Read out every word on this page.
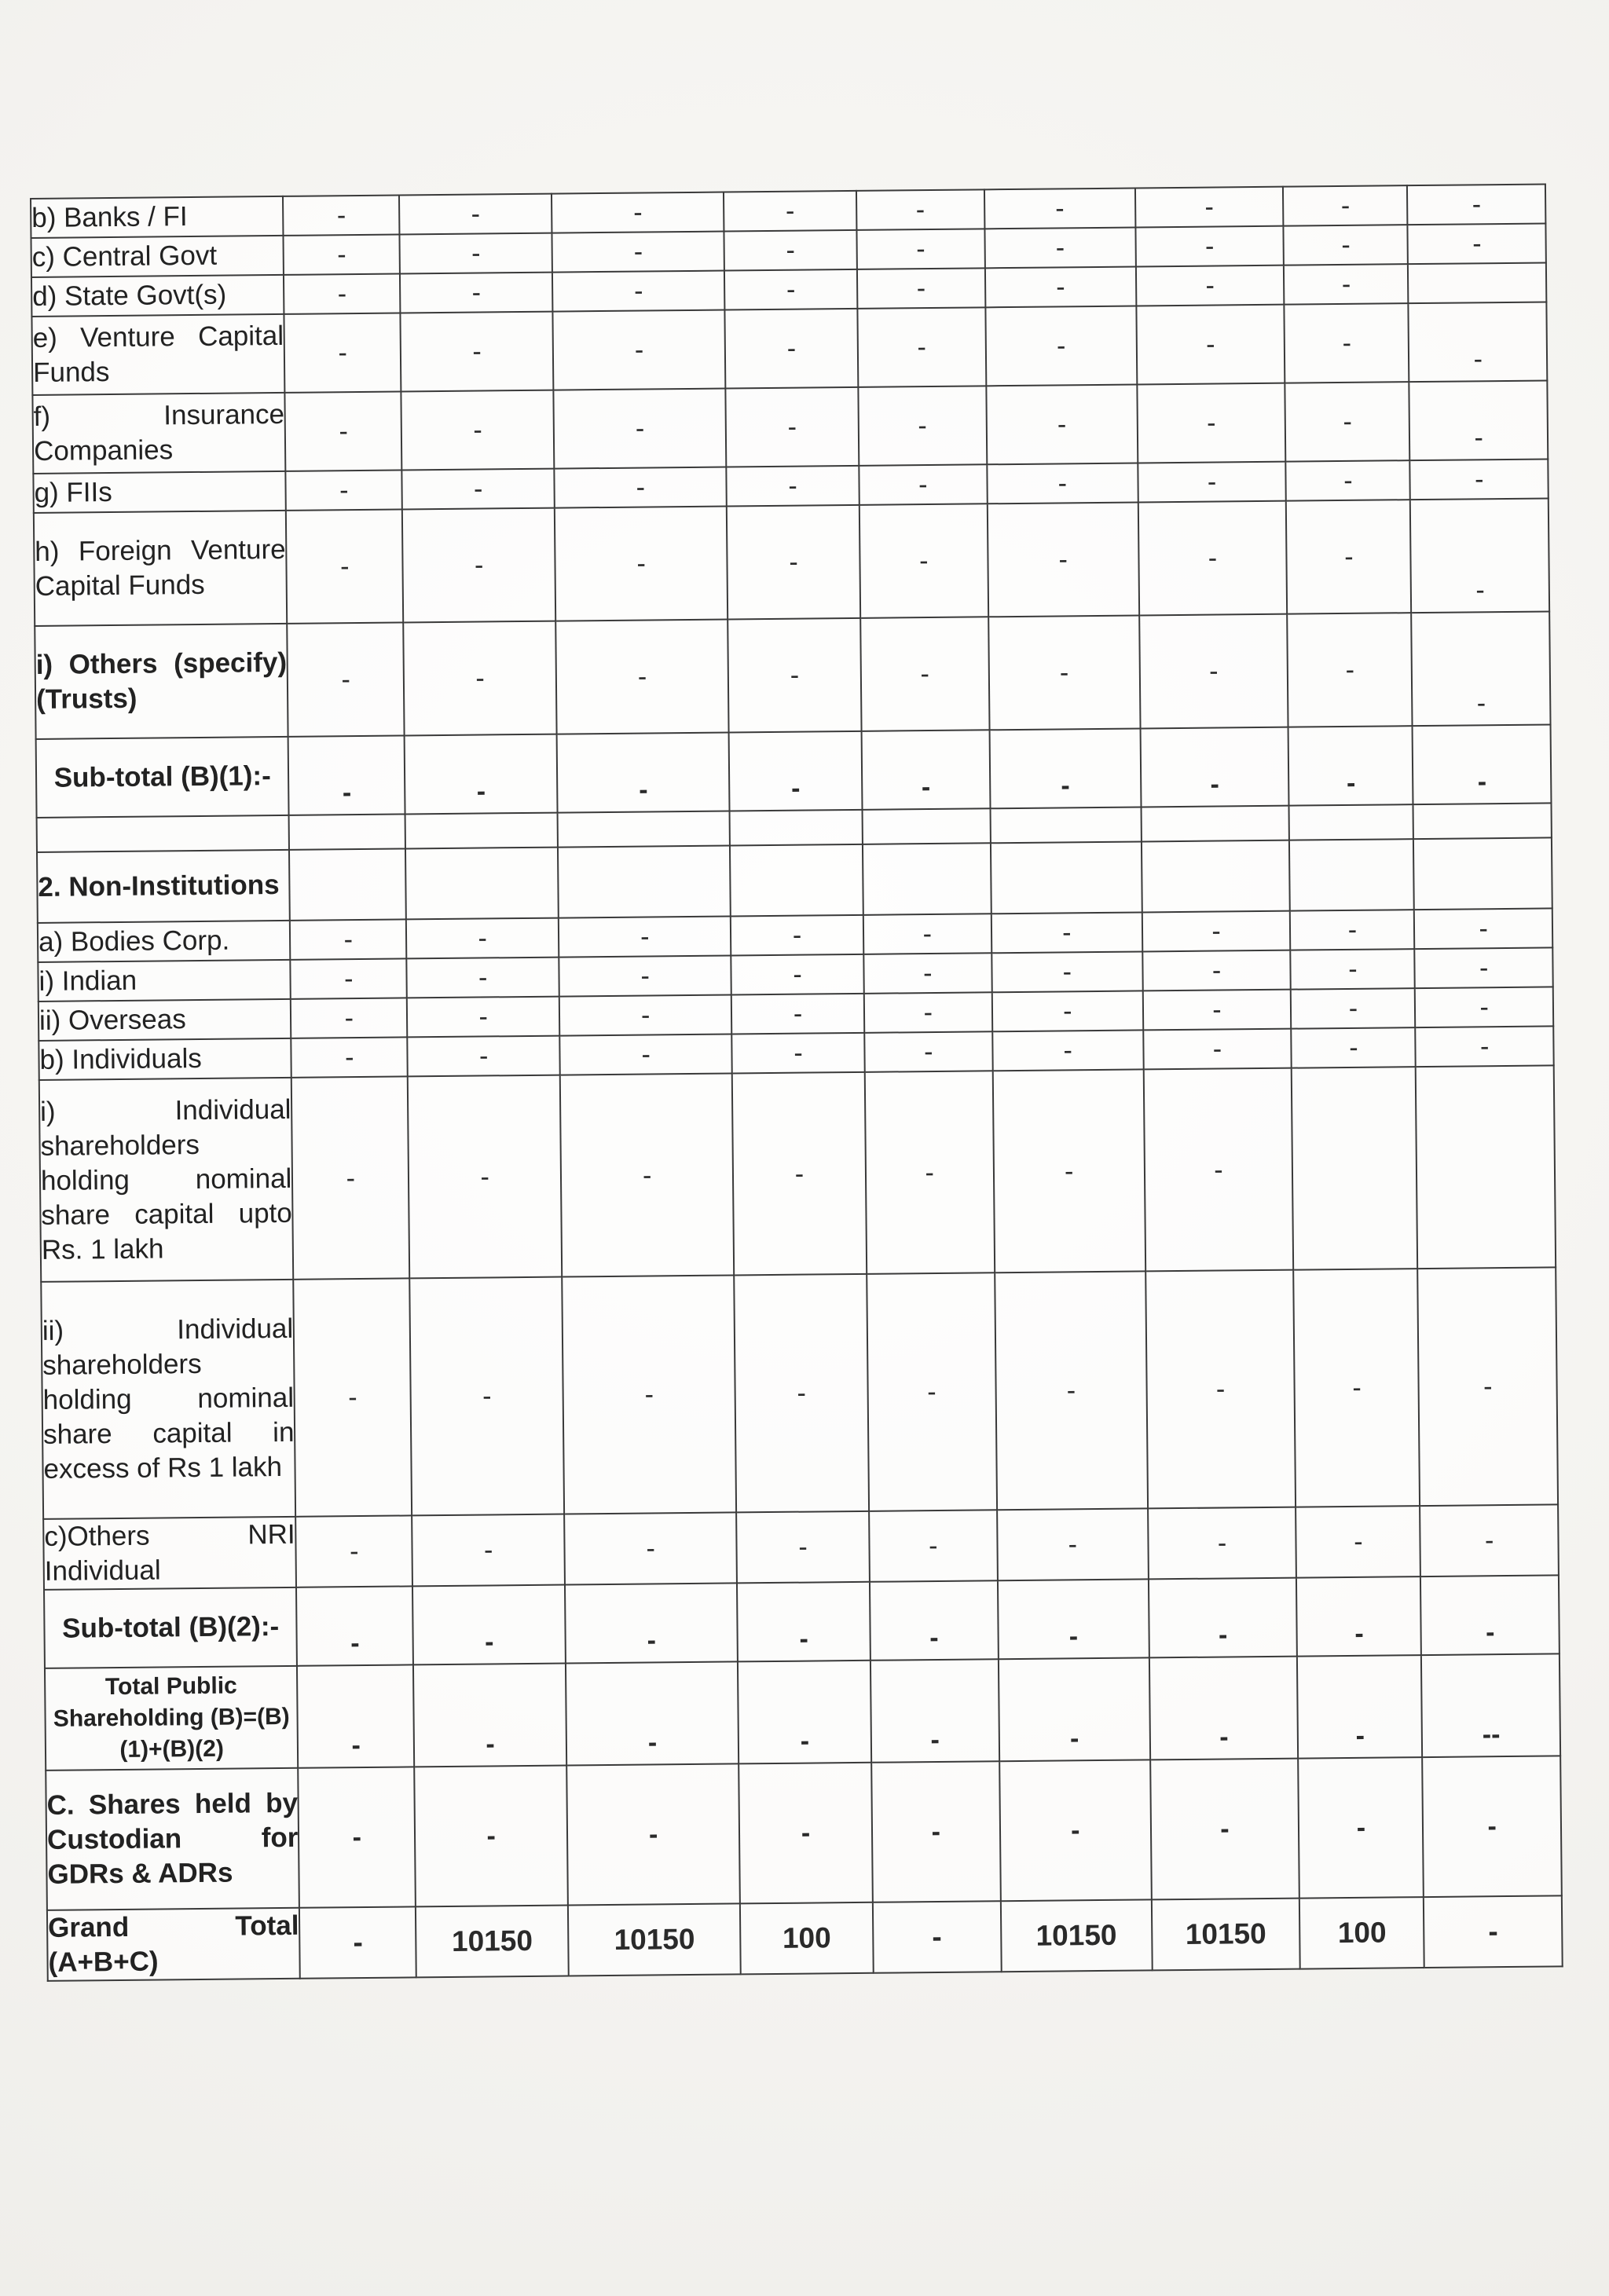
b) Banks / FI	-	-	-	-	-	-	-	-	-
c) Central Govt	-	-	-	-	-	-	-	-	-
d) State Govt(s)	-	-	-	-	-	-	-	-	
e) Venture Capital Funds	-	-	-	-	-	-	-	-	-
f) Insurance Companies	-	-	-	-	-	-	-	-	-
g) FIIs	-	-	-	-	-	-	-	-	-
h) Foreign Venture Capital Funds	-	-	-	-	-	-	-	-	-
i) Others (specify)(Trusts)	-	-	-	-	-	-	-	-	-
Sub-total (B)(1):-	-	-	-	-	-	-	-	-	-

2. Non-Institutions									
a) Bodies Corp.	-	-	-	-	-	-	-	-	-
i) Indian	-	-	-	-	-	-	-	-	-
ii) Overseas	-	-	-	-	-	-	-	-	-
b) Individuals	-	-	-	-	-	-	-	-	-
i) Individual shareholders holding nominal share capital upto Rs. 1 lakh	-	-	-	-	-	-	-		
ii) Individual shareholders holding nominal share capital in excess of Rs 1 lakh	-	-	-	-	-	-	-	-	-
c)Others NRI Individual	-	-	-	-	-	-	-	-	-
Sub-total (B)(2):-	-	-	-	-	-	-	-	-	-
Total Public Shareholding (B)=(B)(1)+(B)(2)	-	-	-	-	-	-	-	-	--
C. Shares held by Custodian for GDRs & ADRs	-	-	-	-	-	-	-	-	-
Grand Total (A+B+C)	-	10150	10150	100	-	10150	10150	100	-
